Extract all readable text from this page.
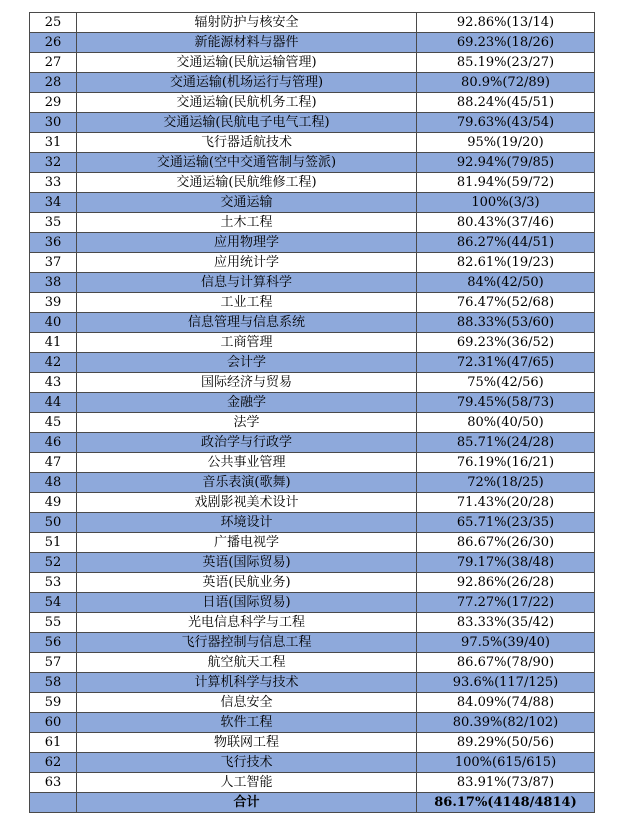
25	辐射防护与核安全	92.86%(13/14)
26	新能源材料与器件	69.23%(18/26)
27	交通运输(民航运输管理)	85.19%(23/27)
28	交通运输(机场运行与管理)	80.9%(72/89)
29	交通运输(民航机务工程)	88.24%(45/51)
30	交通运输(民航电子电气工程)	79.63%(43/54)
31	飞行器适航技术	95%(19/20)
32	交通运输(空中交通管制与签派)	92.94%(79/85)
33	交通运输(民航维修工程)	81.94%(59/72)
34	交通运输	100%(3/3)
35	土木工程	80.43%(37/46)
36	应用物理学	86.27%(44/51)
37	应用统计学	82.61%(19/23)
38	信息与计算科学	84%(42/50)
39	工业工程	76.47%(52/68)
40	信息管理与信息系统	88.33%(53/60)
41	工商管理	69.23%(36/52)
42	会计学	72.31%(47/65)
43	国际经济与贸易	75%(42/56)
44	金融学	79.45%(58/73)
45	法学	80%(40/50)
46	政治学与行政学	85.71%(24/28)
47	公共事业管理	76.19%(16/21)
48	音乐表演(歌舞)	72%(18/25)
49	戏剧影视美术设计	71.43%(20/28)
50	环境设计	65.71%(23/35)
51	广播电视学	86.67%(26/30)
52	英语(国际贸易)	79.17%(38/48)
53	英语(民航业务)	92.86%(26/28)
54	日语(国际贸易)	77.27%(17/22)
55	光电信息科学与工程	83.33%(35/42)
56	飞行器控制与信息工程	97.5%(39/40)
57	航空航天工程	86.67%(78/90)
58	计算机科学与技术	93.6%(117/125)
59	信息安全	84.09%(74/88)
60	软件工程	80.39%(82/102)
61	物联网工程	89.29%(50/56)
62	飞行技术	100%(615/615)
63	人工智能	83.91%(73/87)
	合计	86.17%(4148/4814)
